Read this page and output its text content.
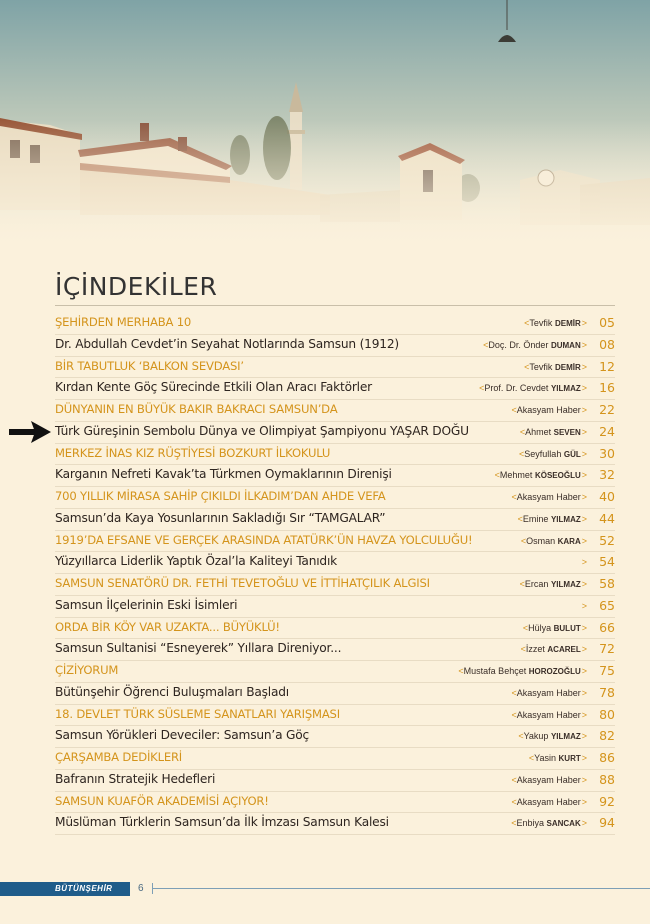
İÇİNDEKİLER
ŞEHİRDEN MERHABA 10	<Tevfik DEMİR> 05
Dr. Abdullah Cevdet’in Seyahat Notlarında Samsun (1912)	<Doç. Dr. Önder DUMAN> 08
BİR TABUTLUK ‘BALKON SEVDASI’	<Tevfik DEMİR> 12
Kırdan Kente Göç Sürecinde Etkili Olan Aracı Faktörler	<Prof. Dr. Cevdet YILMAZ> 16
DÜNYANIN EN BÜYÜK BAKIR BAKRACI SAMSUN’DA	<Akasyam Haber> 22
Türk Güreşinin Sembolu Dünya ve Olimpiyat Şampiyonu YAŞAR DOĞU	<Ahmet SEVEN> 24
MERKEZ İNAS KIZ RÜŞTİYESİ BOZKURT İLKOKULU	<Seyfullah GÜL> 30
Karganın Nefreti Kavak’ta Türkmen Oymaklarının Direnişi	<Mehmet KÖSEOĞLU> 32
700 YILLIK MİRASA SAHİP ÇIKILDI İLKADIM’DAN AHDE VEFA	<Akasyam Haber> 40
Samsun’da Kaya Yosunlarının Sakladığı Sır “TAMGALAR”	<Emine YILMAZ> 44
1919’DA EFSANE VE GERÇEK ARASINDA ATATÜRK’ÜN HAVZA YOLCULUĞU!	<Osman KARA> 52
Yüzyıllarca Liderlik Yaptık Özal’la Kaliteyi Tanıdık	> 54
SAMSUN SENATÖRÜ DR. FETHİ TEVETOĞLU VE İTTİHATÇILIK ALGISI	<Ercan YILMAZ> 58
Samsun İlçelerinin Eski İsimleri	> 65
ORDA BİR KÖY VAR UZAKTA... BÜYÜKLÜ!	<Hülya BULUT> 66
Samsun Sultanisi “Esneyerek” Yıllara Direniyor...	<İzzet ACAREL> 72
ÇİZİYORUM	<Mustafa Behçet HOROZOĞLU> 75
Bütünşehir Öğrenci Buluşmaları Başladı	<Akasyam Haber> 78
18. DEVLET TÜRK SÜSLEME SANATLARI YARIŞMASI	<Akasyam Haber> 80
Samsun Yörükleri Deveciler: Samsun’a Göç	<Yakup YILMAZ> 82
ÇARŞAMBA DEDİKLERİ	<Yasin KURT> 86
Bafranın Stratejik Hedefleri	<Akasyam Haber> 88
SAMSUN KUAFÖR AKADEMİSİ AÇIYOR!	<Akasyam Haber> 92
Müslüman Türklerin Samsun’da İlk İmzası Samsun Kalesi	<Enbiya SANCAK> 94
BÜTÜNŞEHİR	6
